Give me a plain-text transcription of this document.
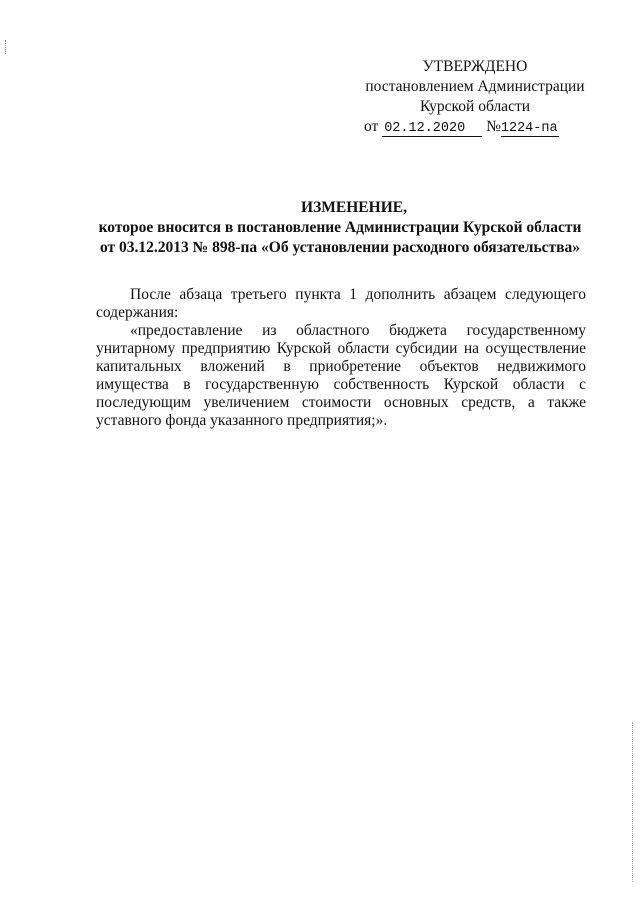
УТВЕРЖДЕНО
постановлением Администрации
Курской области
от 02.12.2020 №1224-па
ИЗМЕНЕНИЕ,
которое вносится в постановление Администрации Курской области
от 03.12.2013 № 898-па «Об установлении расходного обязательства»

После абзаца третьего пункта 1 дополнить абзацем следующего содержания:

«предоставление из областного бюджета государственному унитарному предприятию Курской области субсидии на осуществление капитальных вложений в приобретение объектов недвижимого имущества в государственную собственность Курской области с последующим увеличением стоимости основных средств, а также уставного фонда указанного предприятия;».
